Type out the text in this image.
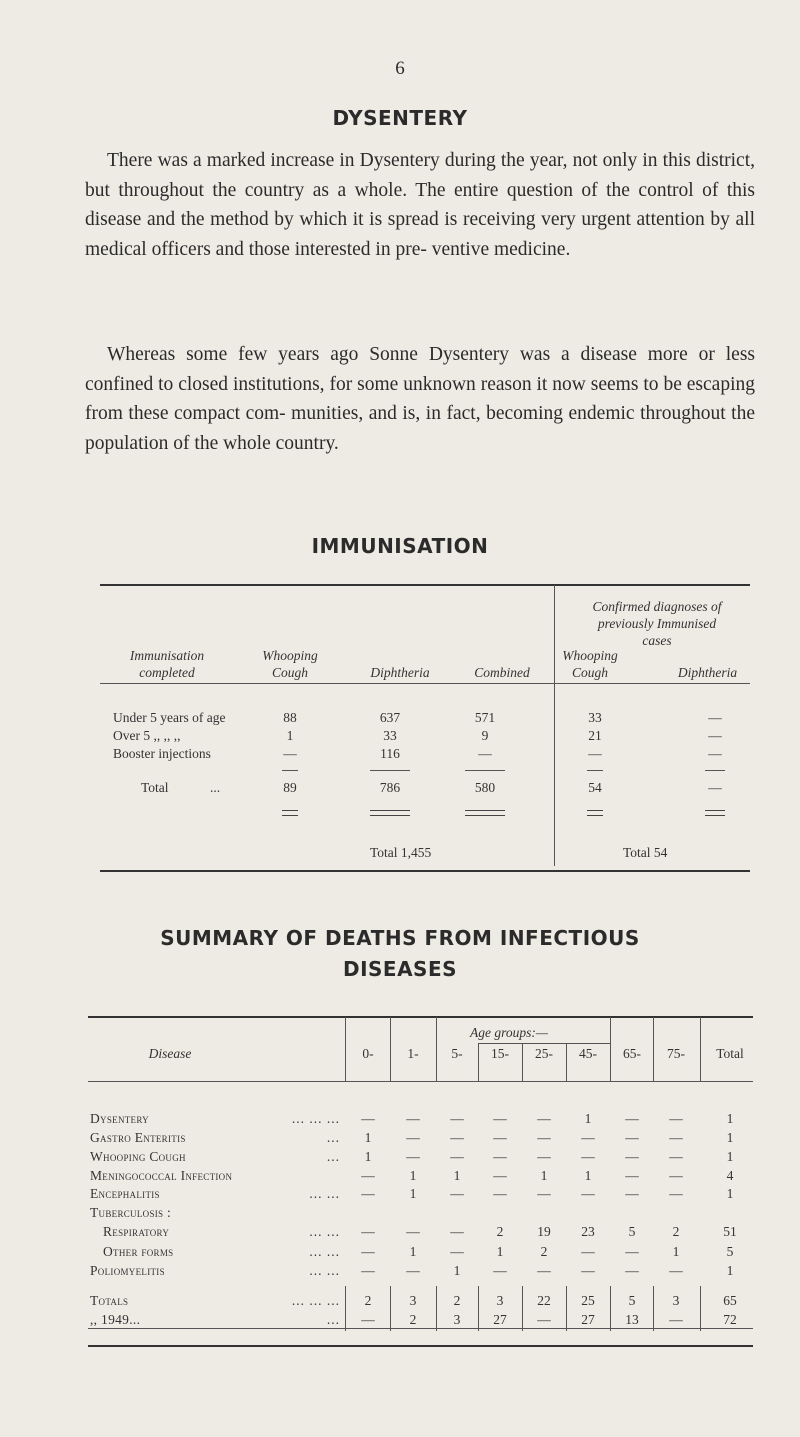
6
DYSENTERY

There was a marked increase in Dysentery during the year, not only in this district, but throughout the country as a whole. The entire question of the control of this disease and the method by which it is spread is receiving very urgent attention by all medical officers and those interested in pre- ventive medicine.

Whereas some few years ago Sonne Dysentery was a disease more or less confined to closed institutions, for some unknown reason it now seems to be escaping from these compact com- munities, and is, in fact, becoming endemic throughout the population of the whole country.

IMMUNISATION
Immunisation
completed
Whooping
Cough	Diphtheria	Combined
Confirmed diagnoses of
previously Immunised
cases
Whooping
Cough	Diphtheria
Under 5 years of age	88	637	571	33	—
Over 5 ,, ,, ,,	1	33	9	21	—
Booster injections	—	116	—	—	—
Total	...	89	786	580	54	—
Total 1,455	Total 54
SUMMARY OF DEATHS FROM INFECTIOUS
DISEASES
Disease
Age groups:—
0-	1-	5-	15-	25-	45-	65-	75-	Total
Dysentery	... ... ...	—	—	—	—	—	1	—	—	1
Gastro Enteritis	...	1	—	—	—	—	—	—	—	1
Whooping Cough	...	1	—	—	—	—	—	—	—	1
Meningococcal Infection	—	1	1	—	1	1	—	—	4
Encephalitis	... ...	—	1	—	—	—	—	—	—	1
Tuberculosis :
Respiratory	... ...	—	—	—	2	19	23	5	2	51
Other forms	... ...	—	1	—	1	2	—	—	1	5
Poliomyelitis	... ...	—	—	1	—	—	—	—	—	1
Totals	... ... ...	2	3	2	3	22	25	5	3	65
,, 1949...	...	—	2	3	27	—	27	13	—	72
